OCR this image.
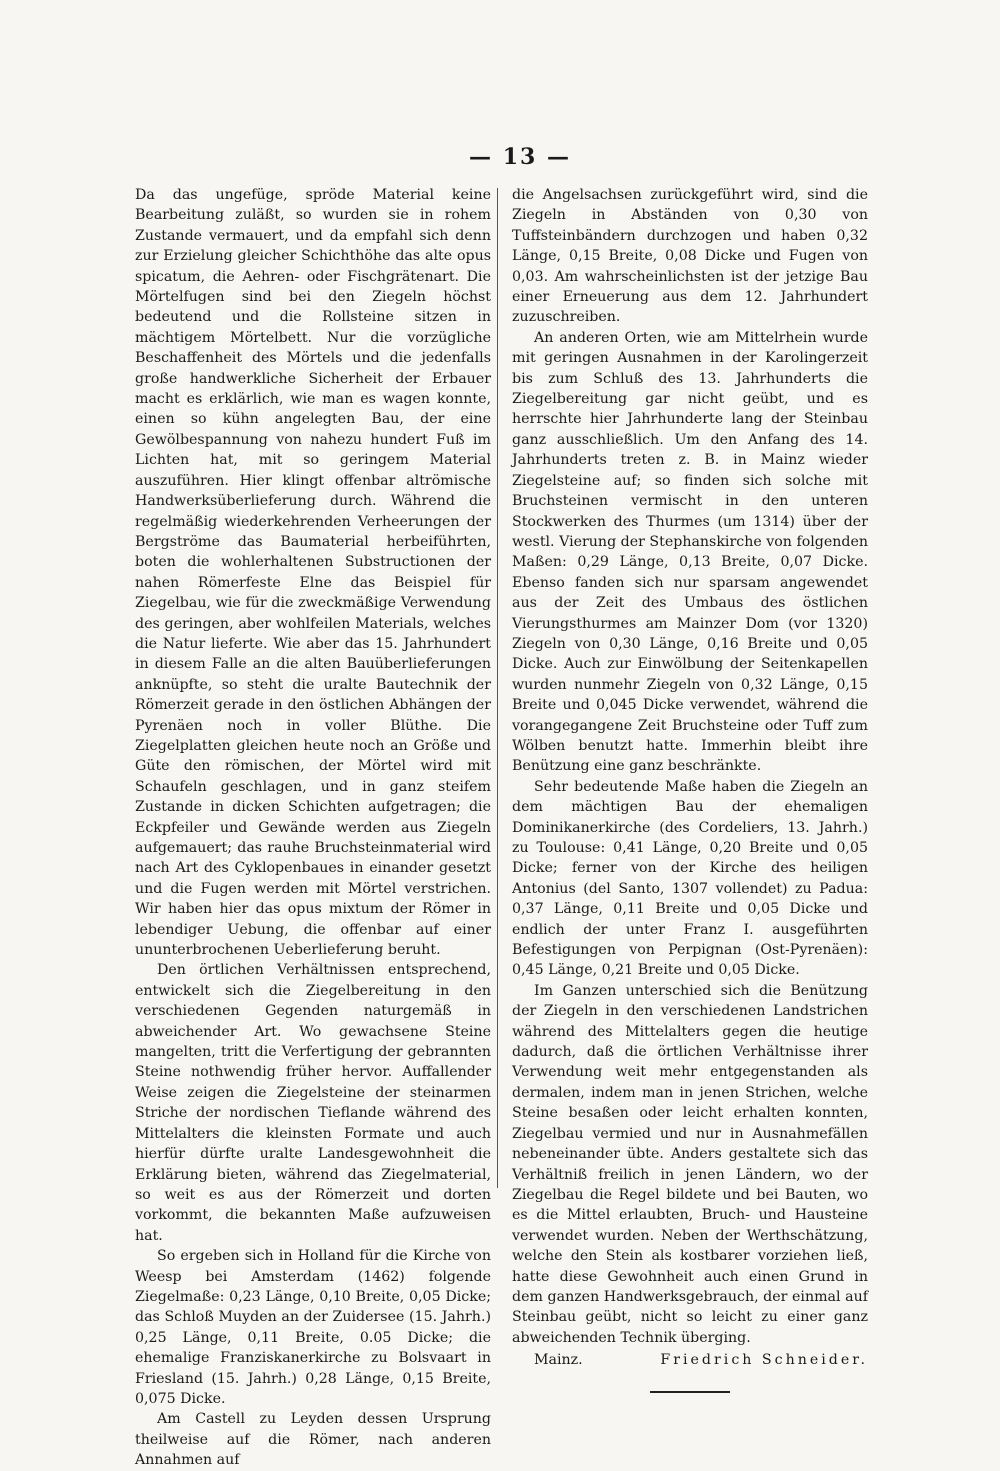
— 13 —

Da das ungefüge, spröde Material keine Bearbeitung zuläßt, so wurden sie in rohem Zustande vermauert, und da empfahl sich denn zur Erzielung gleicher Schichthöhe das alte opus spicatum, die Aehren- oder Fischgrätenart. Die Mörtelfugen sind bei den Ziegeln höchst bedeutend und die Rollsteine sitzen in mächtigem Mörtelbett. Nur die vorzügliche Beschaffenheit des Mörtels und die jedenfalls große handwerkliche Sicherheit der Erbauer macht es erklärlich, wie man es wagen konnte, einen so kühn angelegten Bau, der eine Gewölbespannung von nahezu hundert Fuß im Lichten hat, mit so geringem Material auszuführen. Hier klingt offenbar altrömische Handwerksüberlieferung durch. Während die regelmäßig wiederkehrenden Verheerungen der Bergströme das Baumaterial herbeiführten, boten die wohlerhaltenen Substructionen der nahen Römerfeste Elne das Beispiel für Ziegelbau, wie für die zweckmäßige Verwendung des geringen, aber wohlfeilen Materials, welches die Natur lieferte. Wie aber das 15. Jahrhundert in diesem Falle an die alten Bauüberlieferungen anknüpfte, so steht die uralte Bautechnik der Römerzeit gerade in den östlichen Abhängen der Pyrenäen noch in voller Blüthe. Die Ziegelplatten gleichen heute noch an Größe und Güte den römischen, der Mörtel wird mit Schaufeln geschlagen, und in ganz steifem Zustande in dicken Schichten aufgetragen; die Eckpfeiler und Gewände werden aus Ziegeln aufgemauert; das rauhe Bruchsteinmaterial wird nach Art des Cyklopenbaues in einander gesetzt und die Fugen werden mit Mörtel verstrichen. Wir haben hier das opus mixtum der Römer in lebendiger Uebung, die offenbar auf einer ununterbrochenen Ueberlieferung beruht.

Den örtlichen Verhältnissen entsprechend, entwickelt sich die Ziegelbereitung in den verschiedenen Gegenden naturgemäß in abweichender Art. Wo gewachsene Steine mangelten, tritt die Verfertigung der gebrannten Steine nothwendig früher hervor. Auffallender Weise zeigen die Ziegelsteine der steinarmen Striche der nordischen Tieflande während des Mittelalters die kleinsten Formate und auch hierfür dürfte uralte Landesgewohnheit die Erklärung bieten, während das Ziegelmaterial, so weit es aus der Römerzeit und dorten vorkommt, die bekannten Maße aufzuweisen hat.

So ergeben sich in Holland für die Kirche von Weesp bei Amsterdam (1462) folgende Ziegelmaße: 0,23 Länge, 0,10 Breite, 0,05 Dicke; das Schloß Muyden an der Zuidersee (15. Jahrh.) 0,25 Länge, 0,11 Breite, 0.05 Dicke; die ehemalige Franziskanerkirche zu Bolsvaart in Friesland (15. Jahrh.) 0,28 Länge, 0,15 Breite, 0,075 Dicke.

Am Castell zu Leyden dessen Ursprung theilweise auf die Römer, nach anderen Annahmen auf

die Angelsachsen zurückgeführt wird, sind die Ziegeln in Abständen von 0,30 von Tuffsteinbändern durchzogen und haben 0,32 Länge, 0,15 Breite, 0,08 Dicke und Fugen von 0,03. Am wahrscheinlichsten ist der jetzige Bau einer Erneuerung aus dem 12. Jahrhundert zuzuschreiben.

An anderen Orten, wie am Mittelrhein wurde mit geringen Ausnahmen in der Karolingerzeit bis zum Schluß des 13. Jahrhunderts die Ziegelbereitung gar nicht geübt, und es herrschte hier Jahrhunderte lang der Steinbau ganz ausschließlich. Um den Anfang des 14. Jahrhunderts treten z. B. in Mainz wieder Ziegelsteine auf; so finden sich solche mit Bruchsteinen vermischt in den unteren Stockwerken des Thurmes (um 1314) über der westl. Vierung der Stephanskirche von folgenden Maßen: 0,29 Länge, 0,13 Breite, 0,07 Dicke. Ebenso fanden sich nur sparsam angewendet aus der Zeit des Umbaus des östlichen Vierungsthurmes am Mainzer Dom (vor 1320) Ziegeln von 0,30 Länge, 0,16 Breite und 0,05 Dicke. Auch zur Einwölbung der Seitenkapellen wurden nunmehr Ziegeln von 0,32 Länge, 0,15 Breite und 0,045 Dicke verwendet, während die vorangegangene Zeit Bruchsteine oder Tuff zum Wölben benutzt hatte. Immerhin bleibt ihre Benützung eine ganz beschränkte.

Sehr bedeutende Maße haben die Ziegeln an dem mächtigen Bau der ehemaligen Dominikanerkirche (des Cordeliers, 13. Jahrh.) zu Toulouse: 0,41 Länge, 0,20 Breite und 0,05 Dicke; ferner von der Kirche des heiligen Antonius (del Santo, 1307 vollendet) zu Padua: 0,37 Länge, 0,11 Breite und 0,05 Dicke und endlich der unter Franz I. ausgeführten Befestigungen von Perpignan (Ost-Pyrenäen): 0,45 Länge, 0,21 Breite und 0,05 Dicke.

Im Ganzen unterschied sich die Benützung der Ziegeln in den verschiedenen Landstrichen während des Mittelalters gegen die heutige dadurch, daß die örtlichen Verhältnisse ihrer Verwendung weit mehr entgegenstanden als dermalen, indem man in jenen Strichen, welche Steine besaßen oder leicht erhalten konnten, Ziegelbau vermied und nur in Ausnahmefällen nebeneinander übte. Anders gestaltete sich das Verhältniß freilich in jenen Ländern, wo der Ziegelbau die Regel bildete und bei Bauten, wo es die Mittel erlaubten, Bruch- und Hausteine verwendet wurden. Neben der Werthschätzung, welche den Stein als kostbarer vorziehen ließ, hatte diese Gewohnheit auch einen Grund in dem ganzen Handwerksgebrauch, der einmal auf Steinbau geübt, nicht so leicht zu einer ganz abweichenden Technik überging.

Mainz.	Friedrich Schneider.
